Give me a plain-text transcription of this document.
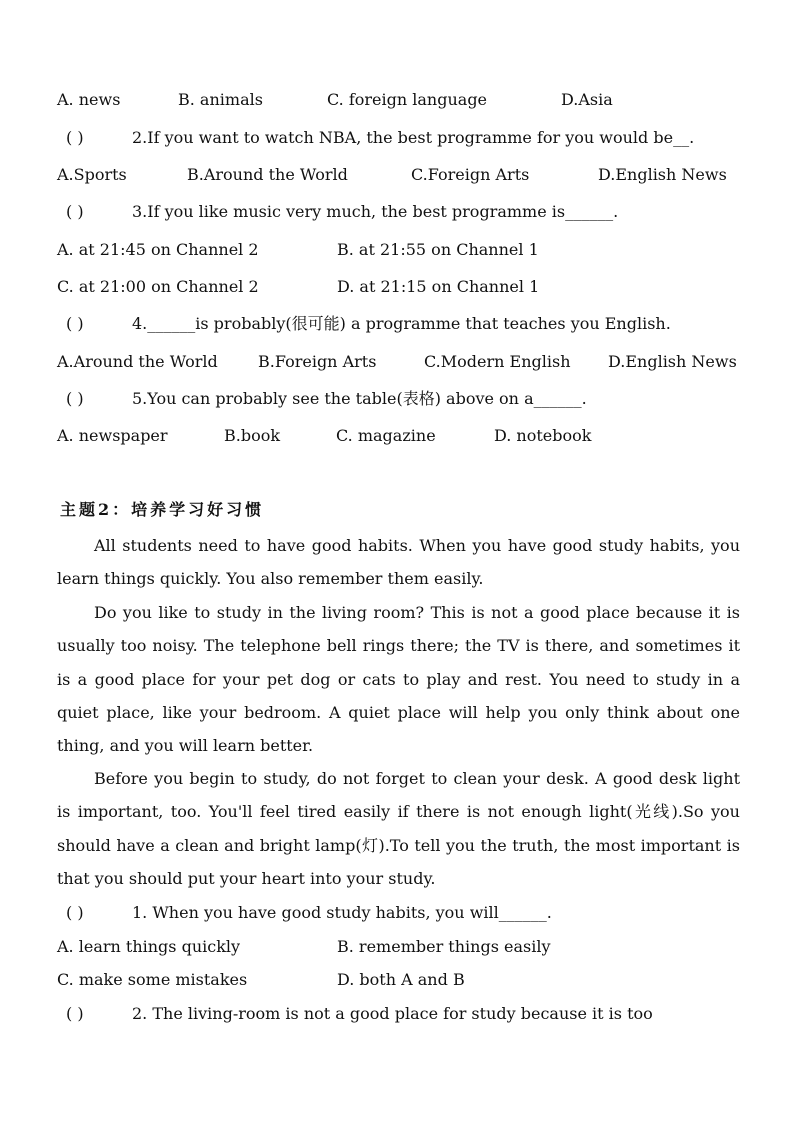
A. news	B. animals	C. foreign language	D.Asia
( )	2.If you want to watch NBA, the best programme for you would be__.
A.Sports	B.Around the World	C.Foreign Arts	D.English News
( )	3.If you like music very much, the best programme is______.
A. at 21:45 on Channel 2	B. at 21:55 on Channel 1
C. at 21:00 on Channel 2	D. at 21:15 on Channel 1
( )	4.______is probably(很可能) a programme that teaches you English.
A.Around the World	B.Foreign Arts	C.Modern English	D.English News
( )	5.You can probably see the table(表格) above on a______.
A. newspaper	B.book	C. magazine	D. notebook
主题2：培养学习好习惯
All students need to have good habits. When you have good study habits, you learn things quickly. You also remember them easily.
Do you like to study in the living room? This is not a good place because it is usually too noisy. The telephone bell rings there; the TV is there, and sometimes it is a good place for your pet dog or cats to play and rest. You need to study in a quiet place, like your bedroom. A quiet place will help you only think about one thing, and you will learn better.
Before you begin to study, do not forget to clean your desk. A good desk light is important, too. You'll feel tired easily if there is not enough light(光线).So you should have a clean and bright lamp(灯).To tell you the truth, the most important is that you should put your heart into your study.
( )	1. When you have good study habits, you will______.
A. learn things quickly	B. remember things easily
C. make some mistakes	D. both A and B
( )	2. The living-room is not a good place for study because it is too
